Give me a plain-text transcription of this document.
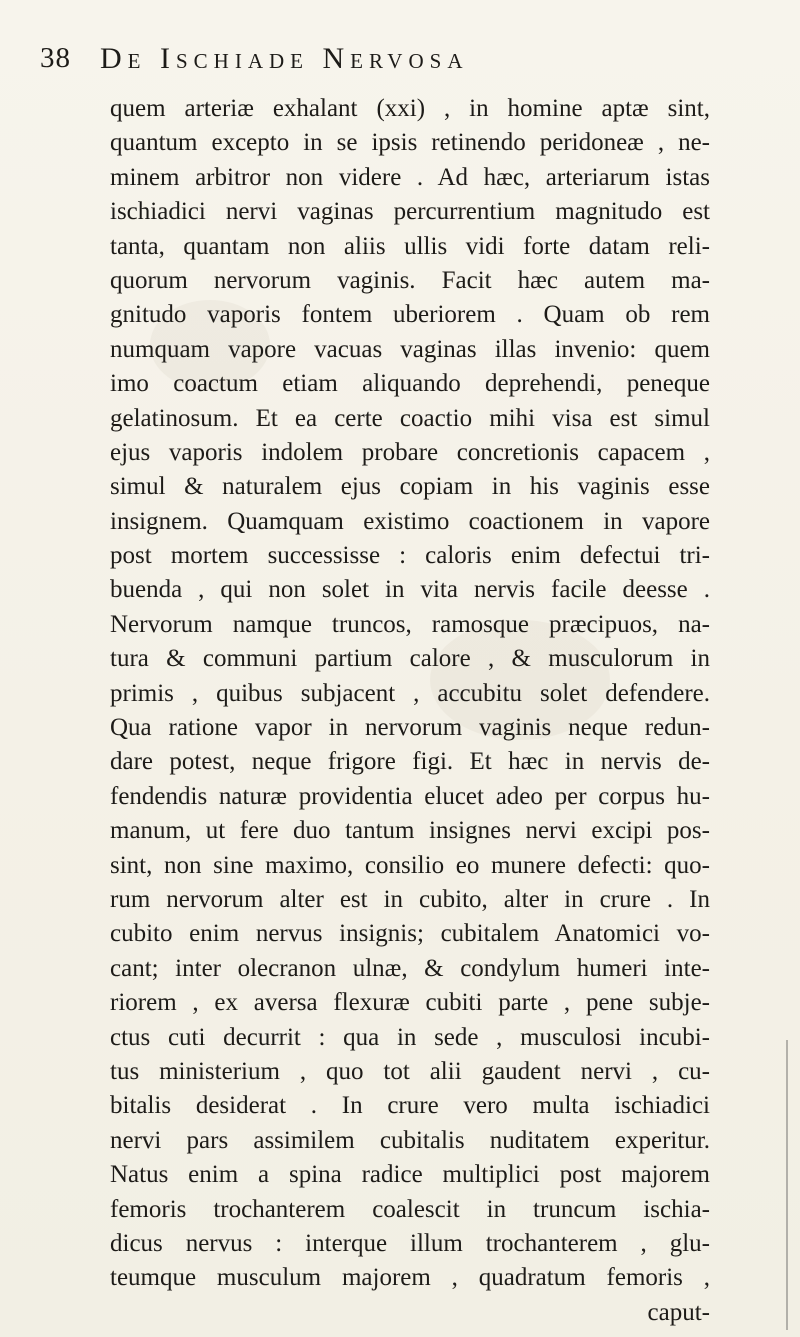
38 De Ischiade Nervosa
quem arteriæ exhalant (xxi) , in homine aptæ sint,
quantum excepto in se ipsis retinendo peridoneæ , ne-
minem arbitror non videre . Ad hæc, arteriarum istas
ischiadici nervi vaginas percurrentium magnitudo est
tanta, quantam non aliis ullis vidi forte datam reli-
quorum nervorum vaginis. Facit hæc autem ma-
gnitudo vaporis fontem uberiorem . Quam ob rem
numquam vapore vacuas vaginas illas invenio: quem
imo coactum etiam aliquando deprehendi, peneque
gelatinosum. Et ea certe coactio mihi visa est simul
ejus vaporis indolem probare concretionis capacem ,
simul & naturalem ejus copiam in his vaginis esse
insignem. Quamquam existimo coactionem in vapore
post mortem successisse : caloris enim defectui tri-
buenda , qui non solet in vita nervis facile deesse .
Nervorum namque truncos, ramosque præcipuos, na-
tura & communi partium calore , & musculorum in
primis , quibus subjacent , accubitu solet defendere.
Qua ratione vapor in nervorum vaginis neque redun-
dare potest, neque frigore figi. Et hæc in nervis de-
fendendis naturæ providentia elucet adeo per corpus hu-
manum, ut fere duo tantum insignes nervi excipi pos-
sint, non sine maximo, consilio eo munere defecti: quo-
rum nervorum alter est in cubito, alter in crure . In
cubito enim nervus insignis; cubitalem Anatomici vo-
cant; inter olecranon ulnæ, & condylum humeri inte-
riorem , ex aversa flexuræ cubiti parte , pene subje-
ctus cuti decurrit : qua in sede , musculosi incubi-
tus ministerium , quo tot alii gaudent nervi , cu-
bitalis desiderat . In crure vero multa ischiadici
nervi pars assimilem cubitalis nuditatem experitur.
Natus enim a spina radice multiplici post majorem
femoris trochanterem coalescit in truncum ischia-
dicus nervus : interque illum trochanterem , glu-
teumque musculum majorem , quadratum femoris ,
caput-
